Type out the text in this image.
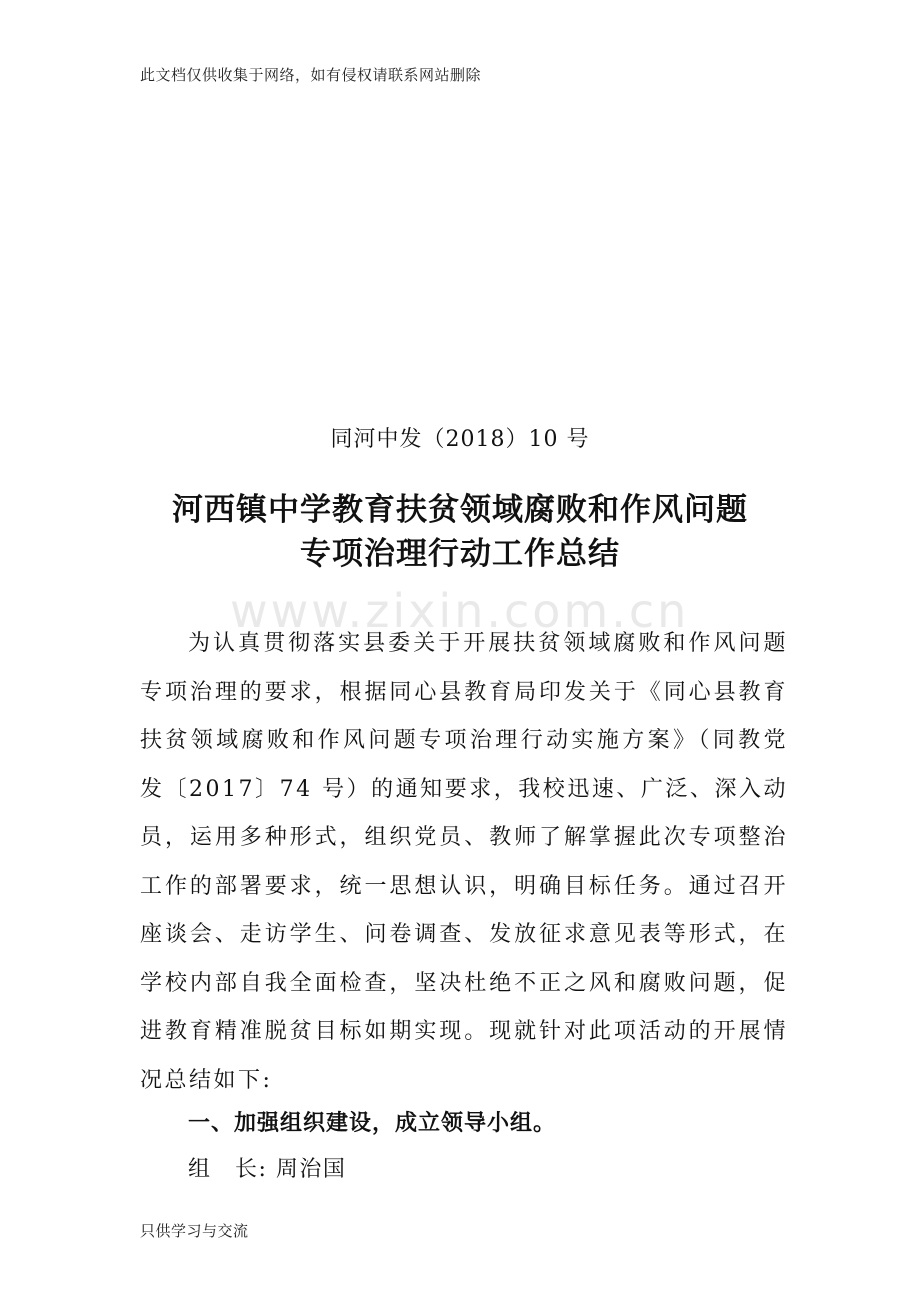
此文档仅供收集于网络，如有侵权请联系网站删除
同河中发（2018）10 号
河西镇中学教育扶贫领域腐败和作风问题
专项治理行动工作总结
www.zixin.com.cn

为认真贯彻落实县委关于开展扶贫领域腐败和作风问题专项治理的要求，根据同心县教育局印发关于《同心县教育扶贫领域腐败和作风问题专项治理行动实施方案》（同教党发〔2017〕74 号）的通知要求，我校迅速、广泛、深入动员，运用多种形式，组织党员、教师了解掌握此次专项整治工作的部署要求，统一思想认识，明确目标任务。通过召开座谈会、走访学生、问卷调查、发放征求意见表等形式，在学校内部自我全面检查，坚决杜绝不正之风和腐败问题，促进教育精准脱贫目标如期实现。现就针对此项活动的开展情况总结如下:

一、加强组织建设，成立领导小组。
组　长: 周治国
只供学习与交流
